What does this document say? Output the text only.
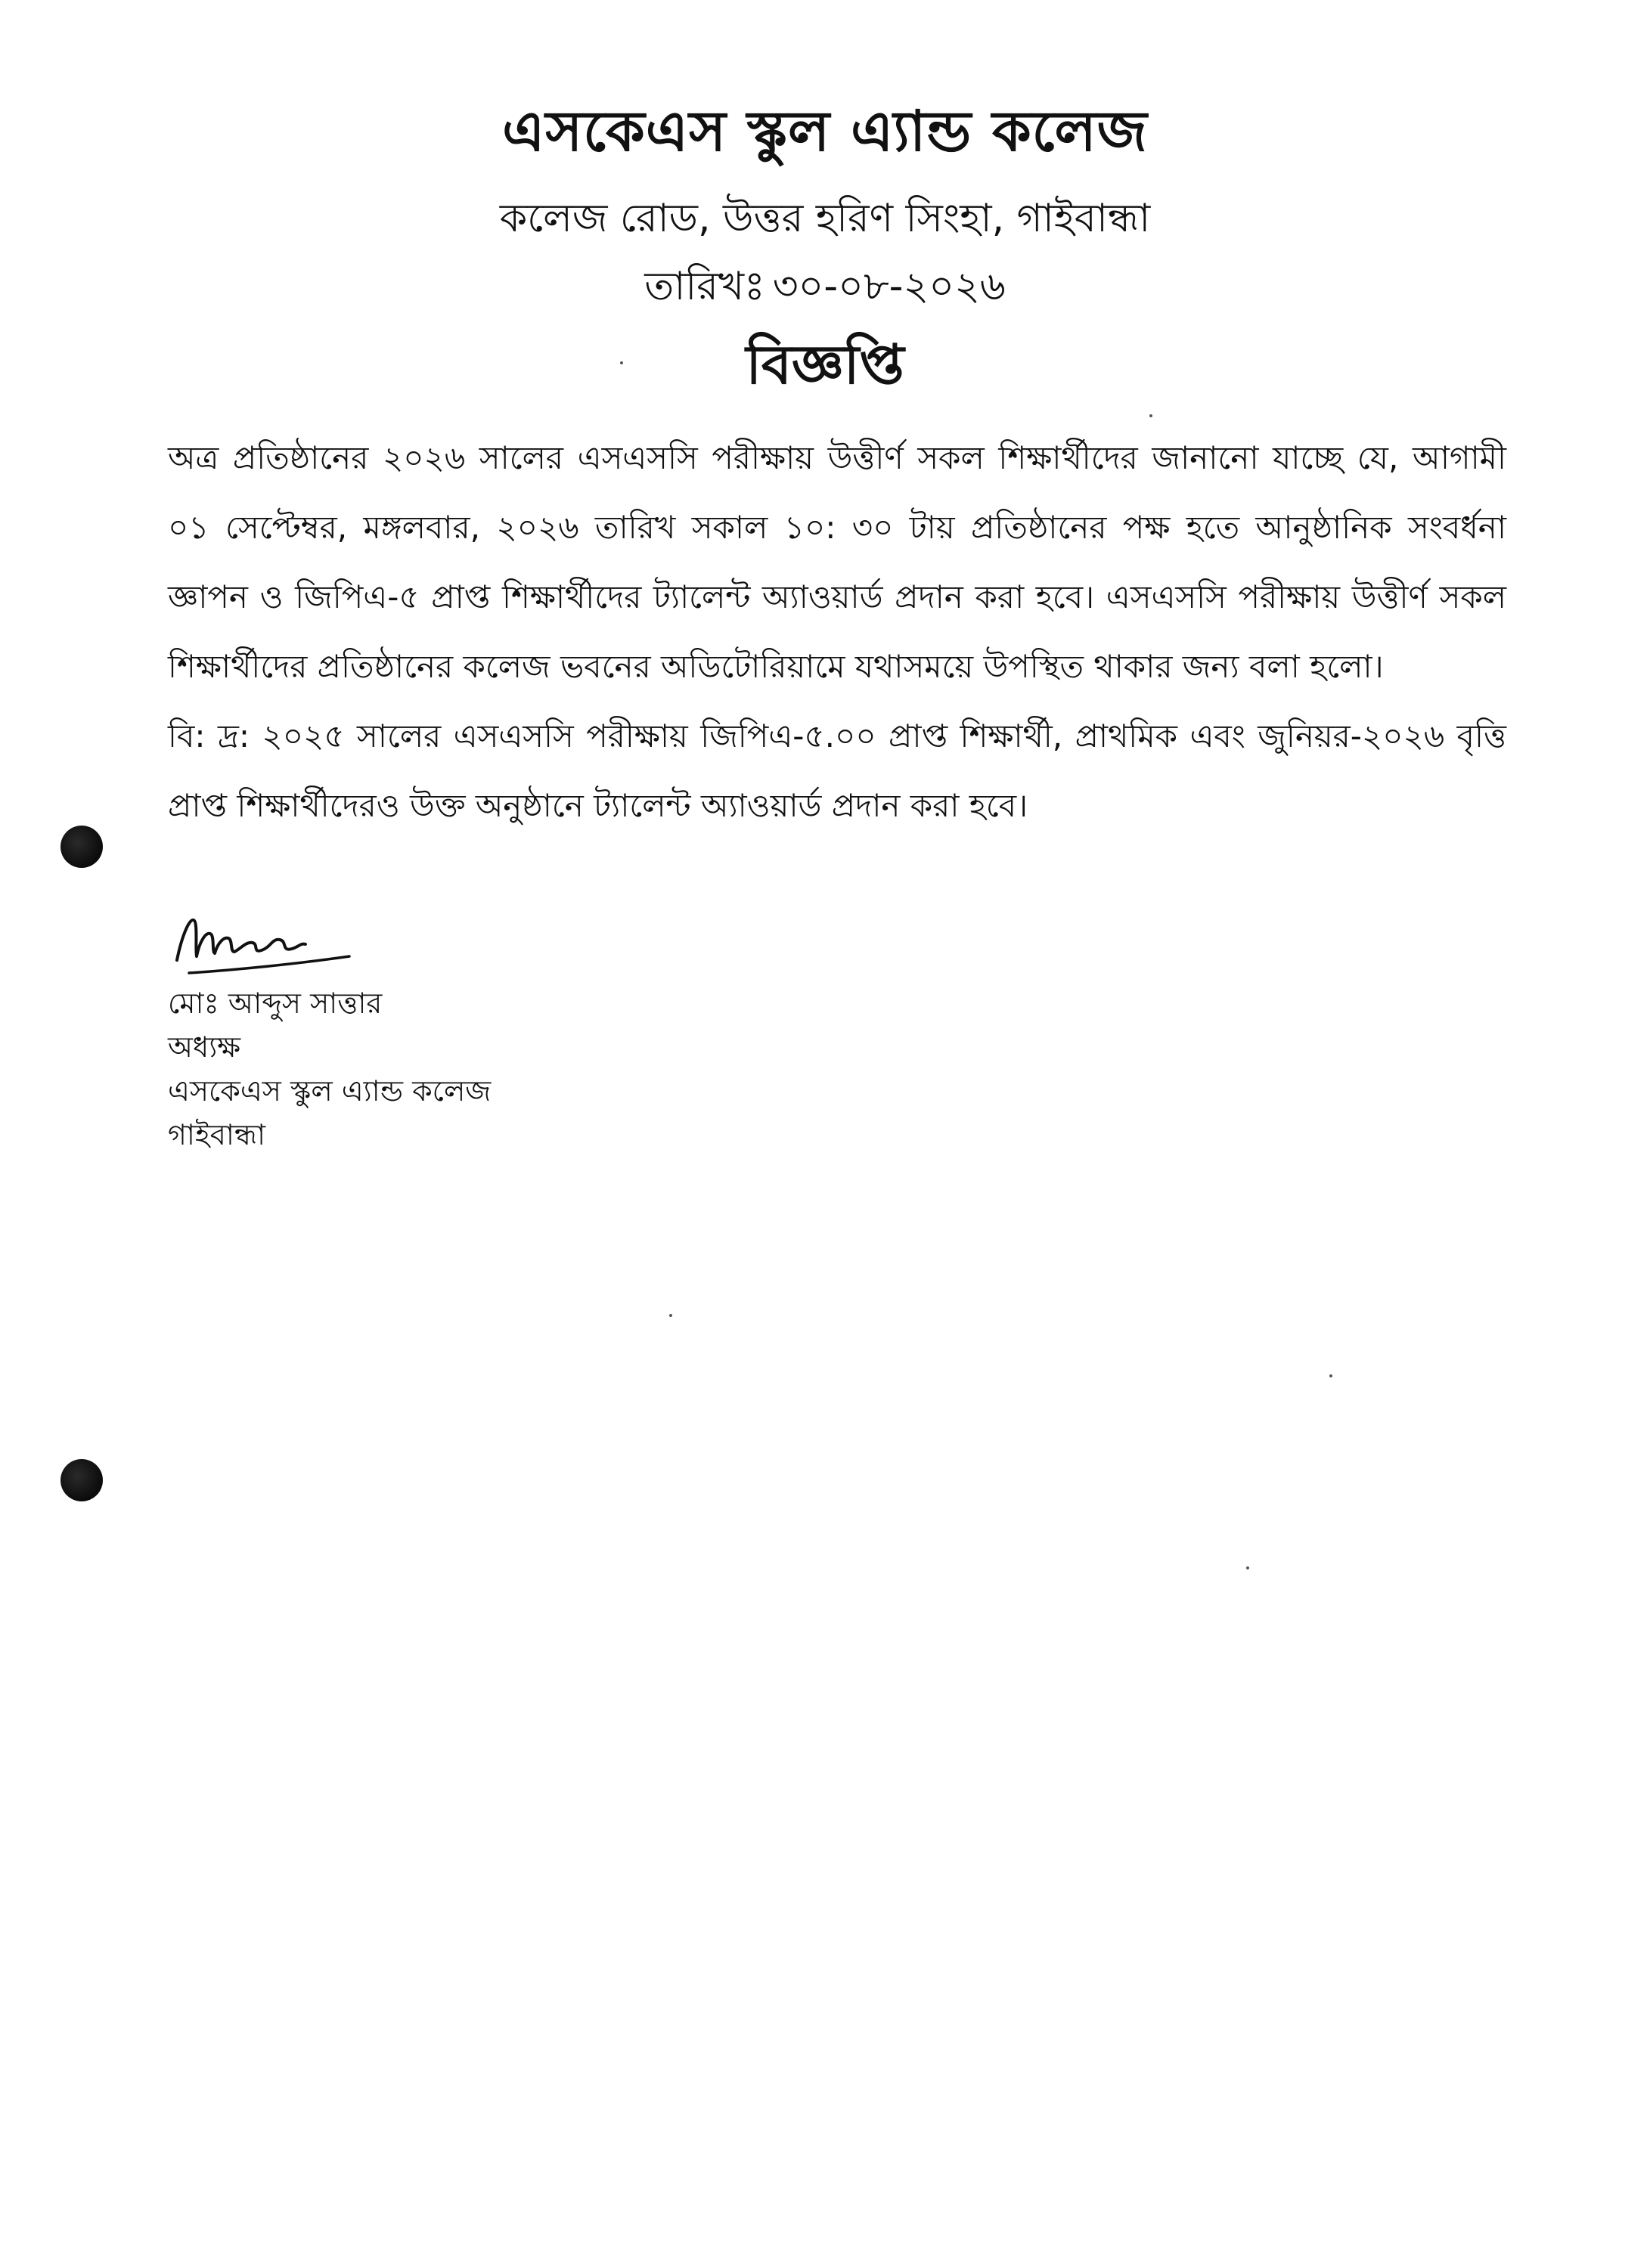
এসকেএস স্কুল এ্যান্ড কলেজ
কলেজ রোড, উত্তর হরিণ সিংহা, গাইবান্ধা
তারিখঃ ৩০-০৮-২০২৬
বিজ্ঞপ্তি

অত্র প্রতিষ্ঠানের ২০২৬ সালের এসএসসি পরীক্ষায় উত্তীর্ণ সকল শিক্ষার্থীদের জানানো যাচ্ছে যে, আগামী ০১ সেপ্টেম্বর, মঙ্গলবার, ২০২৬ তারিখ সকাল ১০: ৩০ টায় প্রতিষ্ঠানের পক্ষ হতে আনুষ্ঠানিক সংবর্ধনা জ্ঞাপন ও জিপিএ-৫ প্রাপ্ত শিক্ষার্থীদের ট্যালেন্ট অ্যাওয়ার্ড প্রদান করা হবে। এসএসসি পরীক্ষায় উত্তীর্ণ সকল শিক্ষার্থীদের প্রতিষ্ঠানের কলেজ ভবনের অডিটোরিয়ামে যথাসময়ে উপস্থিত থাকার জন্য বলা হলো।

বি: দ্র: ২০২৫ সালের এসএসসি পরীক্ষায় জিপিএ-৫.০০ প্রাপ্ত শিক্ষার্থী, প্রাথমিক এবং জুনিয়র-২০২৬ বৃত্তি প্রাপ্ত শিক্ষার্থীদেরও উক্ত অনুষ্ঠানে ট্যালেন্ট অ্যাওয়ার্ড প্রদান করা হবে।

মোঃ আব্দুস সাত্তার
অধ্যক্ষ
এসকেএস স্কুল এ্যান্ড কলেজ
গাইবান্ধা
